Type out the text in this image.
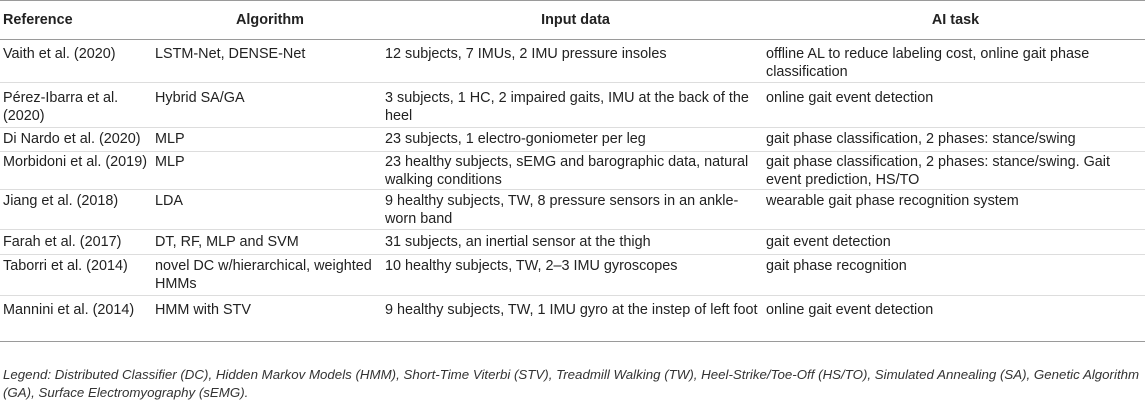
Reference	Algorithm	Input data	AI task
Vaith et al. (2020)	LSTM-Net, DENSE-Net	12 subjects, 7 IMUs, 2 IMU pressure insoles	offline AL to reduce labeling cost, online gait phase classification
Pérez-Ibarra et al. (2020)	Hybrid SA/GA	3 subjects, 1 HC, 2 impaired gaits, IMU at the back of the heel	online gait event detection
Di Nardo et al. (2020)	MLP	23 subjects, 1 electro-goniometer per leg	gait phase classification, 2 phases: stance/swing
Morbidoni et al. (2019)	MLP	23 healthy subjects, sEMG and barographic data, natural walking conditions	gait phase classification, 2 phases: stance/swing. Gait event prediction, HS/TO
Jiang et al. (2018)	LDA	9 healthy subjects, TW, 8 pressure sensors in an ankle-worn band	wearable gait phase recognition system
Farah et al. (2017)	DT, RF, MLP and SVM	31 subjects, an inertial sensor at the thigh	gait event detection
Taborri et al. (2014)	novel DC w/hierarchical, weighted HMMs	10 healthy subjects, TW, 2–3 IMU gyroscopes	gait phase recognition
Mannini et al. (2014)	HMM with STV	9 healthy subjects, TW, 1 IMU gyro at the instep of left foot	online gait event detection
Legend: Distributed Classifier (DC), Hidden Markov Models (HMM), Short-Time Viterbi (STV), Treadmill Walking (TW), Heel-Strike/Toe-Off (HS/TO), Simulated Annealing (SA), Genetic Algorithm (GA), Surface Electromyography (sEMG).
